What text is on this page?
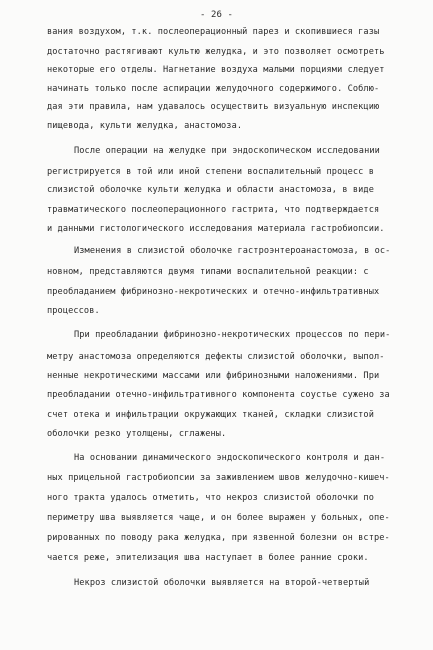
- 26 -
вания воздухом, т.к. послеоперационный парез и скопившиеся газы
достаточно растягивают культю желудка, и это позволяет осмотреть
некоторые его отделы. Нагнетание воздуха малыми порциями следует
начинать только после аспирации желудочного содержимого. Соблю-
дая эти правила, нам удавалось осуществить визуальную инспекцию
пищевода, культи желудка, анастомоза.
После операции на желудке при эндоскопическом исследовании
регистрируется в той или иной степени воспалительный процесс в
слизистой оболочке культи желудка и области анастомоза, в виде
травматического послеоперационного гастрита, что подтверждается
и данными гистологического исследования материала гастробиопсии.
Изменения в слизистой оболочке гастроэнтероанастомоза, в ос-
новном, представляются двумя типами воспалительной реакции: с
преобладанием фибринозно-некротических и отечно-инфильтративных
процессов.
При преобладании фибринозно-некротических процессов по пери-
метру анастомоза определяются дефекты слизистой оболочки, выпол-
ненные некротическими массами или фибринозными наложениями. При
преобладании отечно-инфильтративного компонента соустье сужено за
счет отека и инфильтрации окружающих тканей, складки слизистой
оболочки резко утолщены, сглажены.
На основании динамического эндоскопического контроля и дан-
ных прицельной гастробиопсии за заживлением швов желудочно-кишеч-
ного тракта удалось отметить, что некроз слизистой оболочки по
периметру шва выявляется чаще, и он более выражен у больных, опе-
рированных по поводу рака желудка, при язвенной болезни он встре-
чается реже, эпителизация шва наступает в более ранние сроки.
Некроз слизистой оболочки выявляется на второй-четвертый
